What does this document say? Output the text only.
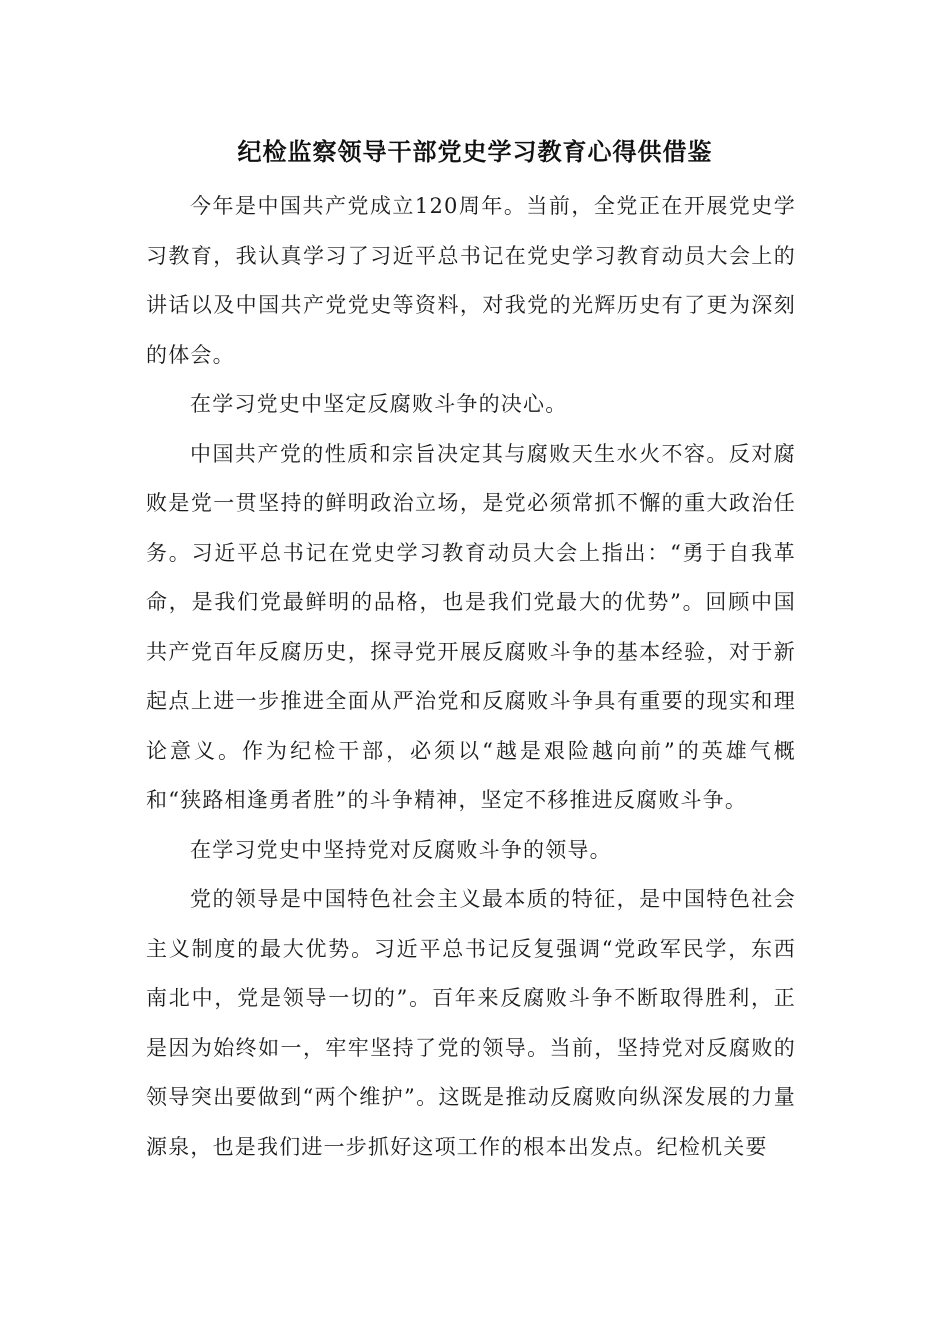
纪检监察领导干部党史学习教育心得供借鉴

今年是中国共产党成立120周年。当前，全党正在开展党史学习教育，我认真学习了习近平总书记在党史学习教育动员大会上的讲话以及中国共产党党史等资料，对我党的光辉历史有了更为深刻的体会。

在学习党史中坚定反腐败斗争的决心。

中国共产党的性质和宗旨决定其与腐败天生水火不容。反对腐败是党一贯坚持的鲜明政治立场，是党必须常抓不懈的重大政治任务。习近平总书记在党史学习教育动员大会上指出：“勇于自我革命，是我们党最鲜明的品格，也是我们党最大的优势”。回顾中国共产党百年反腐历史，探寻党开展反腐败斗争的基本经验，对于新起点上进一步推进全面从严治党和反腐败斗争具有重要的现实和理论意义。作为纪检干部，必须以“越是艰险越向前”的英雄气概和“狭路相逢勇者胜”的斗争精神，坚定不移推进反腐败斗争。

在学习党史中坚持党对反腐败斗争的领导。

党的领导是中国特色社会主义最本质的特征，是中国特色社会主义制度的最大优势。习近平总书记反复强调“党政军民学，东西南北中，党是领导一切的”。百年来反腐败斗争不断取得胜利，正是因为始终如一，牢牢坚持了党的领导。当前，坚持党对反腐败的领导突出要做到“两个维护”。这既是推动反腐败向纵深发展的力量源泉，也是我们进一步抓好这项工作的根本出发点。纪检机关要
